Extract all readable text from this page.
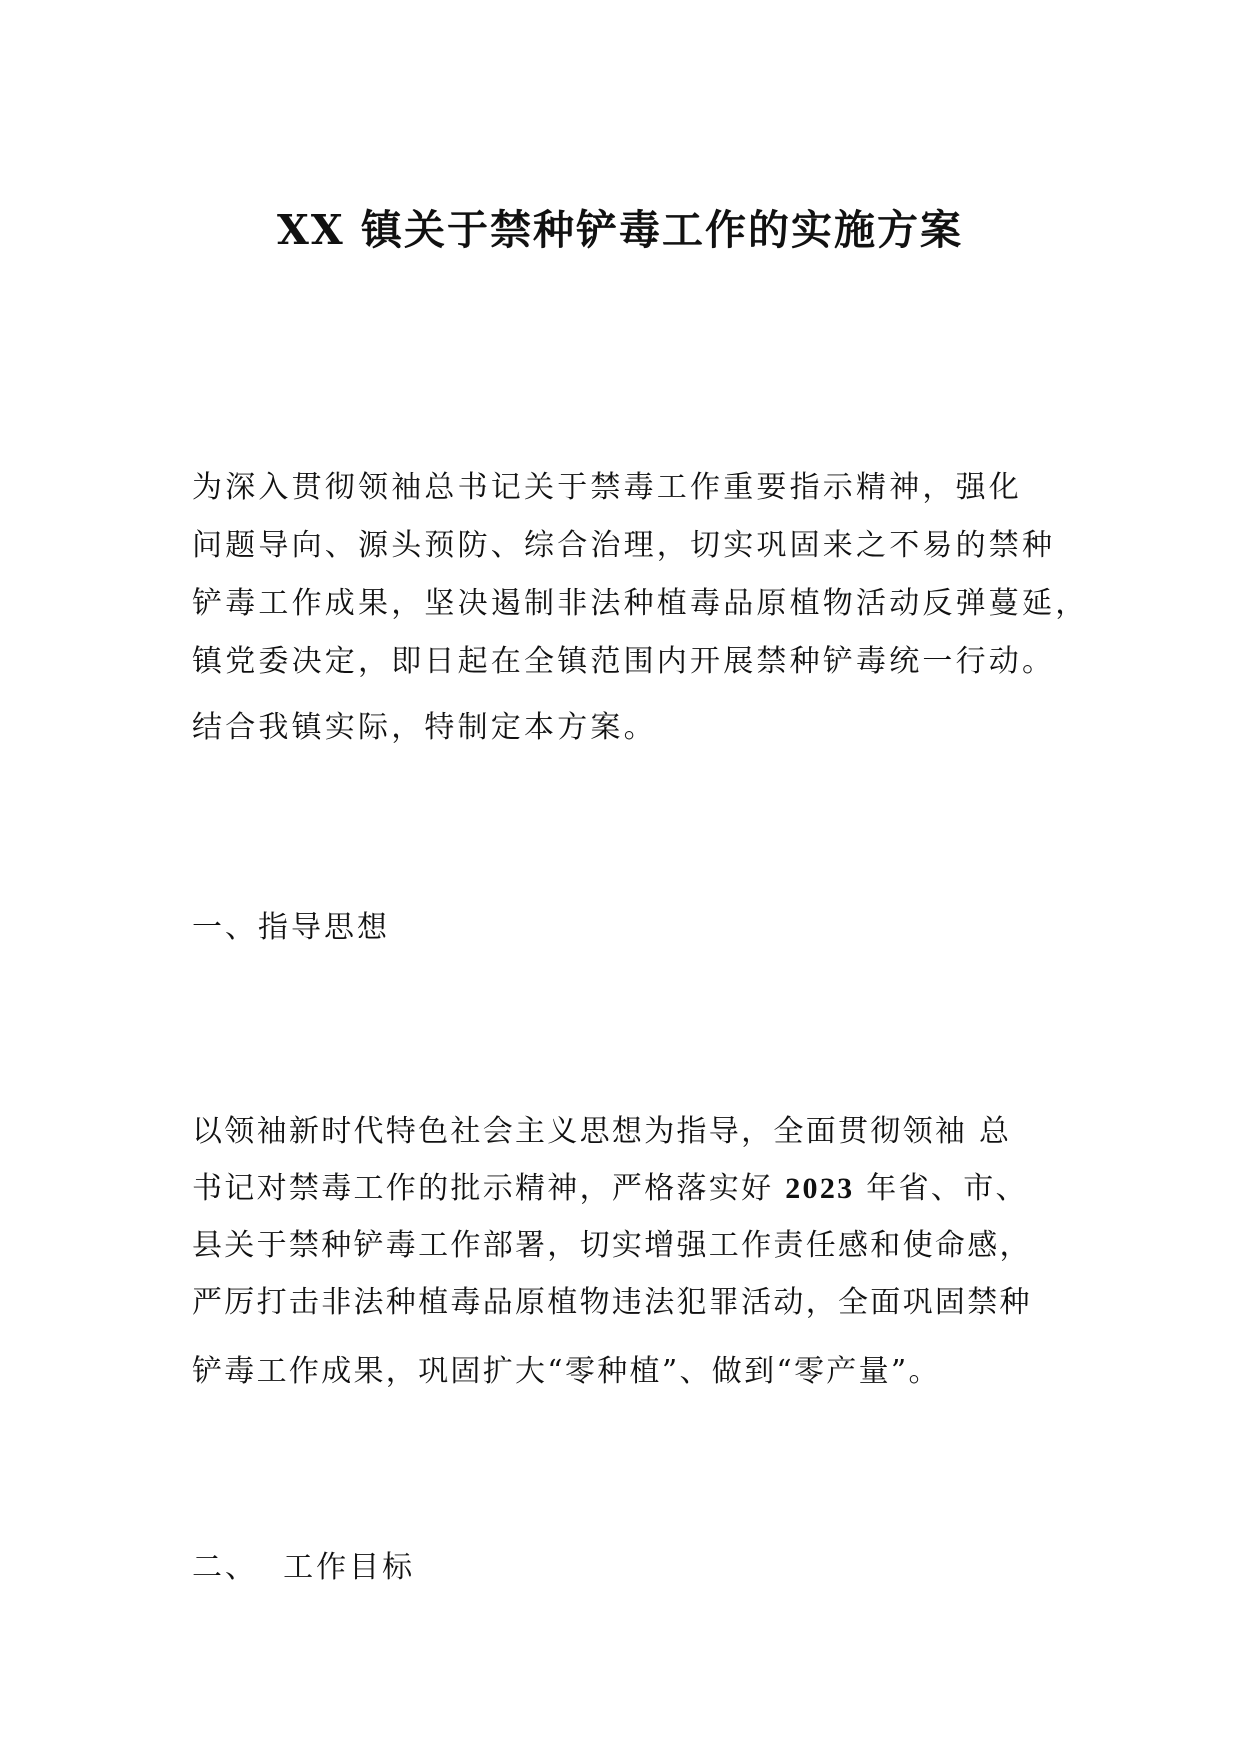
XX 镇关于禁种铲毒工作的实施方案
为深入贯彻领袖总书记关于禁毒工作重要指示精神，强化
问题导向、源头预防、综合治理，切实巩固来之不易的禁种
铲毒工作成果，坚决遏制非法种植毒品原植物活动反弹蔓延，
镇党委决定，即日起在全镇范围内开展禁种铲毒统一行动。
结合我镇实际，特制定本方案。
一、指导思想
以领袖新时代特色社会主义思想为指导，全面贯彻领袖 总
书记对禁毒工作的批示精神，严格落实好 2023 年省、市、
县关于禁种铲毒工作部署，切实增强工作责任感和使命感，
严厉打击非法种植毒品原植物违法犯罪活动，全面巩固禁种
铲毒工作成果，巩固扩大“零种植”、做到“零产量”。
二、  工作目标
